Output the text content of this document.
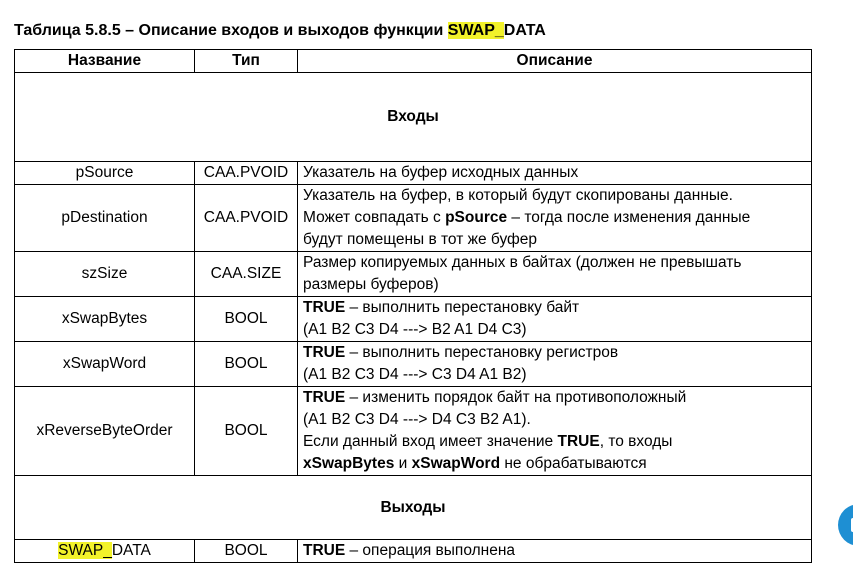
Таблица 5.8.5 – Описание входов и выходов функции SWAP_DATA
Название	Тип	Описание
Входы		
pSource	CAA.PVOID	Указатель на буфер исходных данных
pDestination	CAA.PVOID	Указатель на буфер, в который будут скопированы данные.
Может совпадать с pSource – тогда после изменения данные
будут помещены в тот же буфер
szSize	CAA.SIZE	Размер копируемых данных в байтах (должен не превышать
размеры буферов)
xSwapBytes	BOOL	TRUE – выполнить перестановку байт
(A1 B2 C3 D4 ---> B2 A1 D4 C3)
xSwapWord	BOOL	TRUE – выполнить перестановку регистров
(A1 B2 C3 D4 ---> C3 D4 A1 B2)
xReverseByteOrder	BOOL	TRUE – изменить порядок байт на противоположный
(A1 B2 C3 D4 ---> D4 C3 B2 A1).
Если данный вход имеет значение TRUE, то входы
xSwapBytes и xSwapWord не обрабатываются
Выходы		
SWAP_DATA	BOOL	TRUE – операция выполнена
